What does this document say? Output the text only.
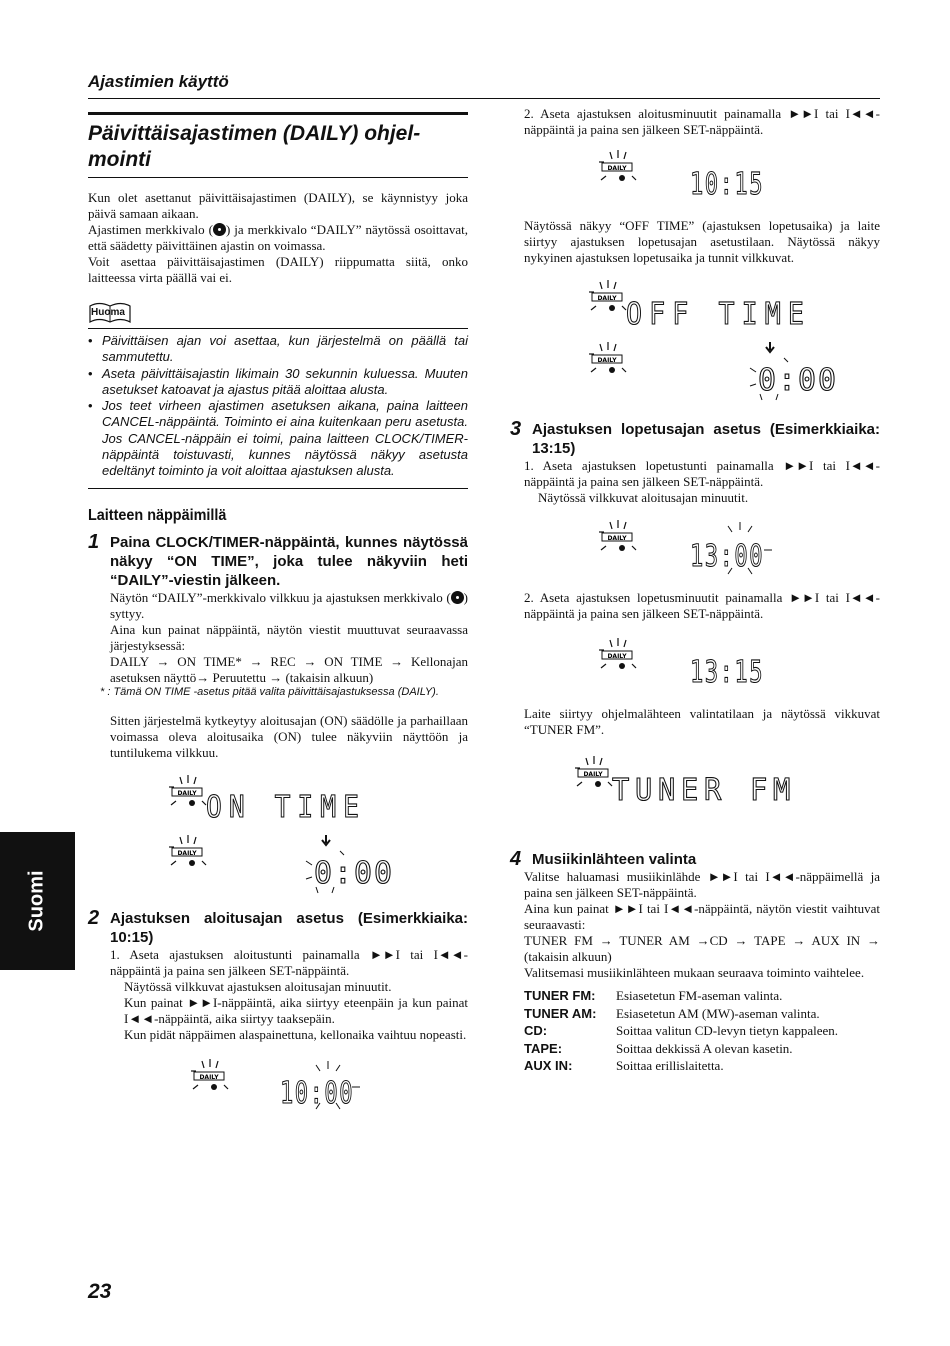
Ajastimien käyttö

Päivittäisajastimen (DAILY) ohjel-
mointi

Kun olet asettanut päivittäisajastimen (DAILY), se käynnistyy joka päivä samaan aikaan.

Ajastimen merkkivalo ( ) ja merkkivalo “DAILY” näytössä osoittavat, että säädetty päivittäinen ajastin on voimassa.

Voit asettaa päivittäisajastimen (DAILY) riippumatta siitä, onko laitteessa virta päällä vai ei.

Huoma
• Päivittäisen ajan voi asettaa, kun järjestelmä on päällä tai sammutettu.
• Aseta päivittäisajastin likimain 30 sekunnin kuluessa. Muuten asetukset katoavat ja ajastus pitää aloittaa alusta.
• Jos teet virheen ajastimen asetuksen aikana, paina laitteen CANCEL-näppäintä. Toiminto ei aina kuitenkaan peru asetusta. Jos CANCEL-näppäin ei toimi, paina laitteen CLOCK/TIMER-näppäintä toistuvasti, kunnes näytössä näkyy asetusta edeltänyt toiminto ja voit aloittaa ajastuksen alusta.

Laitteen näppäimillä

1 Paina CLOCK/TIMER-näppäintä, kunnes näytössä näkyy “ON TIME”, joka tulee näkyviin heti “DAILY”-viestin jälkeen.

Näytön “DAILY”-merkkivalo vilkkuu ja ajastuksen merkkivalo ( ) syttyy.

Aina kun painat näppäintä, näytön viestit muuttuvat seuraavassa järjestyksessä:

DAILY → ON TIME* → REC → ON TIME → Kellonajan asetuksen näyttö→ Peruutettu → (takaisin alkuun)

* : Tämä ON TIME -asetus pitää valita päivittäisajastuksessa (DAILY).

Sitten järjestelmä kytkeytyy aloitusajan (ON) säädölle ja parhaillaan voimassa oleva aloitusaika (ON) tulee näkyviin näyttöön ja tuntilukema vilkkuu.

DAILY ON TIME
DAILY
0:00
2 Ajastuksen aloitusajan asetus (Esimerkkiaika: 10:15)

1. Aseta ajastuksen aloitustunti painamalla ►►I tai I◄◄-näppäintä ja paina sen jälkeen SET-näppäintä.

Näytössä vilkkuvat ajastuksen aloitusajan minuutit.

Kun painat ►►I-näppäintä, aika siirtyy eteenpäin ja kun painat I◄◄-näppäintä, aika siirtyy taaksepäin.

Kun pidät näppäimen alaspainettuna, kellonaika vaihtuu nopeasti.

DAILY 10:00

2. Aseta ajastuksen aloitusminuutit painamalla ►►I tai I◄◄-näppäintä ja paina sen jälkeen SET-näppäintä.

DAILY 10:15

Näytössä näkyy “OFF TIME” (ajastuksen lopetusaika) ja laite siirtyy ajastuksen lopetusajan asetustilaan. Näytössä näkyy nykyinen ajastuksen lopetusaika ja tunnit vilkkuvat.

DAILY OFF TIME
DAILY
0:00
3 Ajastuksen lopetusajan asetus (Esimerkkiaika: 13:15)

1. Aseta ajastuksen lopetustunti painamalla ►►I tai I◄◄-näppäintä ja paina sen jälkeen SET-näppäintä.

Näytössä vilkkuvat aloitusajan minuutit.

DAILY
13:00

2. Aseta ajastuksen lopetusminuutit painamalla ►►I tai I◄◄-näppäintä ja paina sen jälkeen SET-näppäintä.

DAILY 13:15

Laite siirtyy ohjelmalähteen valintatilaan ja näytössä vikkuvat “TUNER FM”.

DAILY TUNER FM
4 Musiikinlähteen valinta

Valitse haluamasi musiikinlähde ►►I tai I◄◄-näppäimellä ja paina sen jälkeen SET-näppäintä.

Aina kun painat ►►I tai I◄◄-näppäintä, näytön viestit vaihtuvat seuraavasti:

TUNER FM → TUNER AM →CD → TAPE → AUX IN → (takaisin alkuun)

Valitsemasi musiikinlähteen mukaan seuraava toiminto vaihtelee.

TUNER FM:	Esiasetetun FM-aseman valinta.
TUNER AM:	Esiasetetun AM (MW)-aseman valinta.
CD:	Soittaa valitun CD-levyn tietyn kappaleen.
TAPE:	Soittaa dekkissä A olevan kasetin.
AUX IN:	Soittaa erillislaitetta.
Suomi
23
